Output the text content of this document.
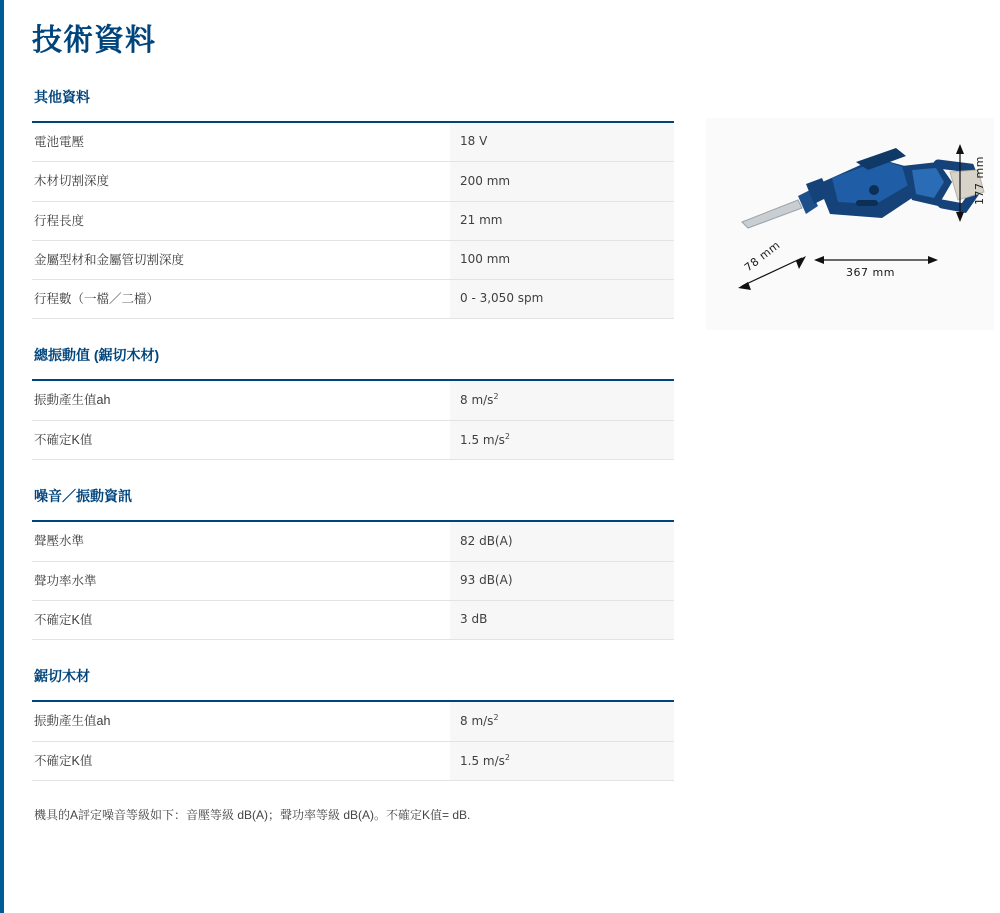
技術資料
其他資料
電池電壓	18 V
木材切割深度	200 mm
行程長度	21 mm
金屬型材和金屬管切割深度	100 mm
行程數（一檔／二檔）	0 - 3,050 spm
總振動值 (鋸切木材)
振動產生值ah	8 $m/s^2$
不確定K值	1.5 $m/s^2$
噪音／振動資訊
聲壓水準	82 dB(A)
聲功率水準	93 dB(A)
不確定K值	3 dB
鋸切木材
振動產生值ah	8 $m/s^2$
不確定K值	1.5 $m/s^2$
機具的A評定噪音等級如下：音壓等級 dB(A)；聲功率等級 dB(A)。不確定K值= dB.
177 mm
367 mm
78 mm
